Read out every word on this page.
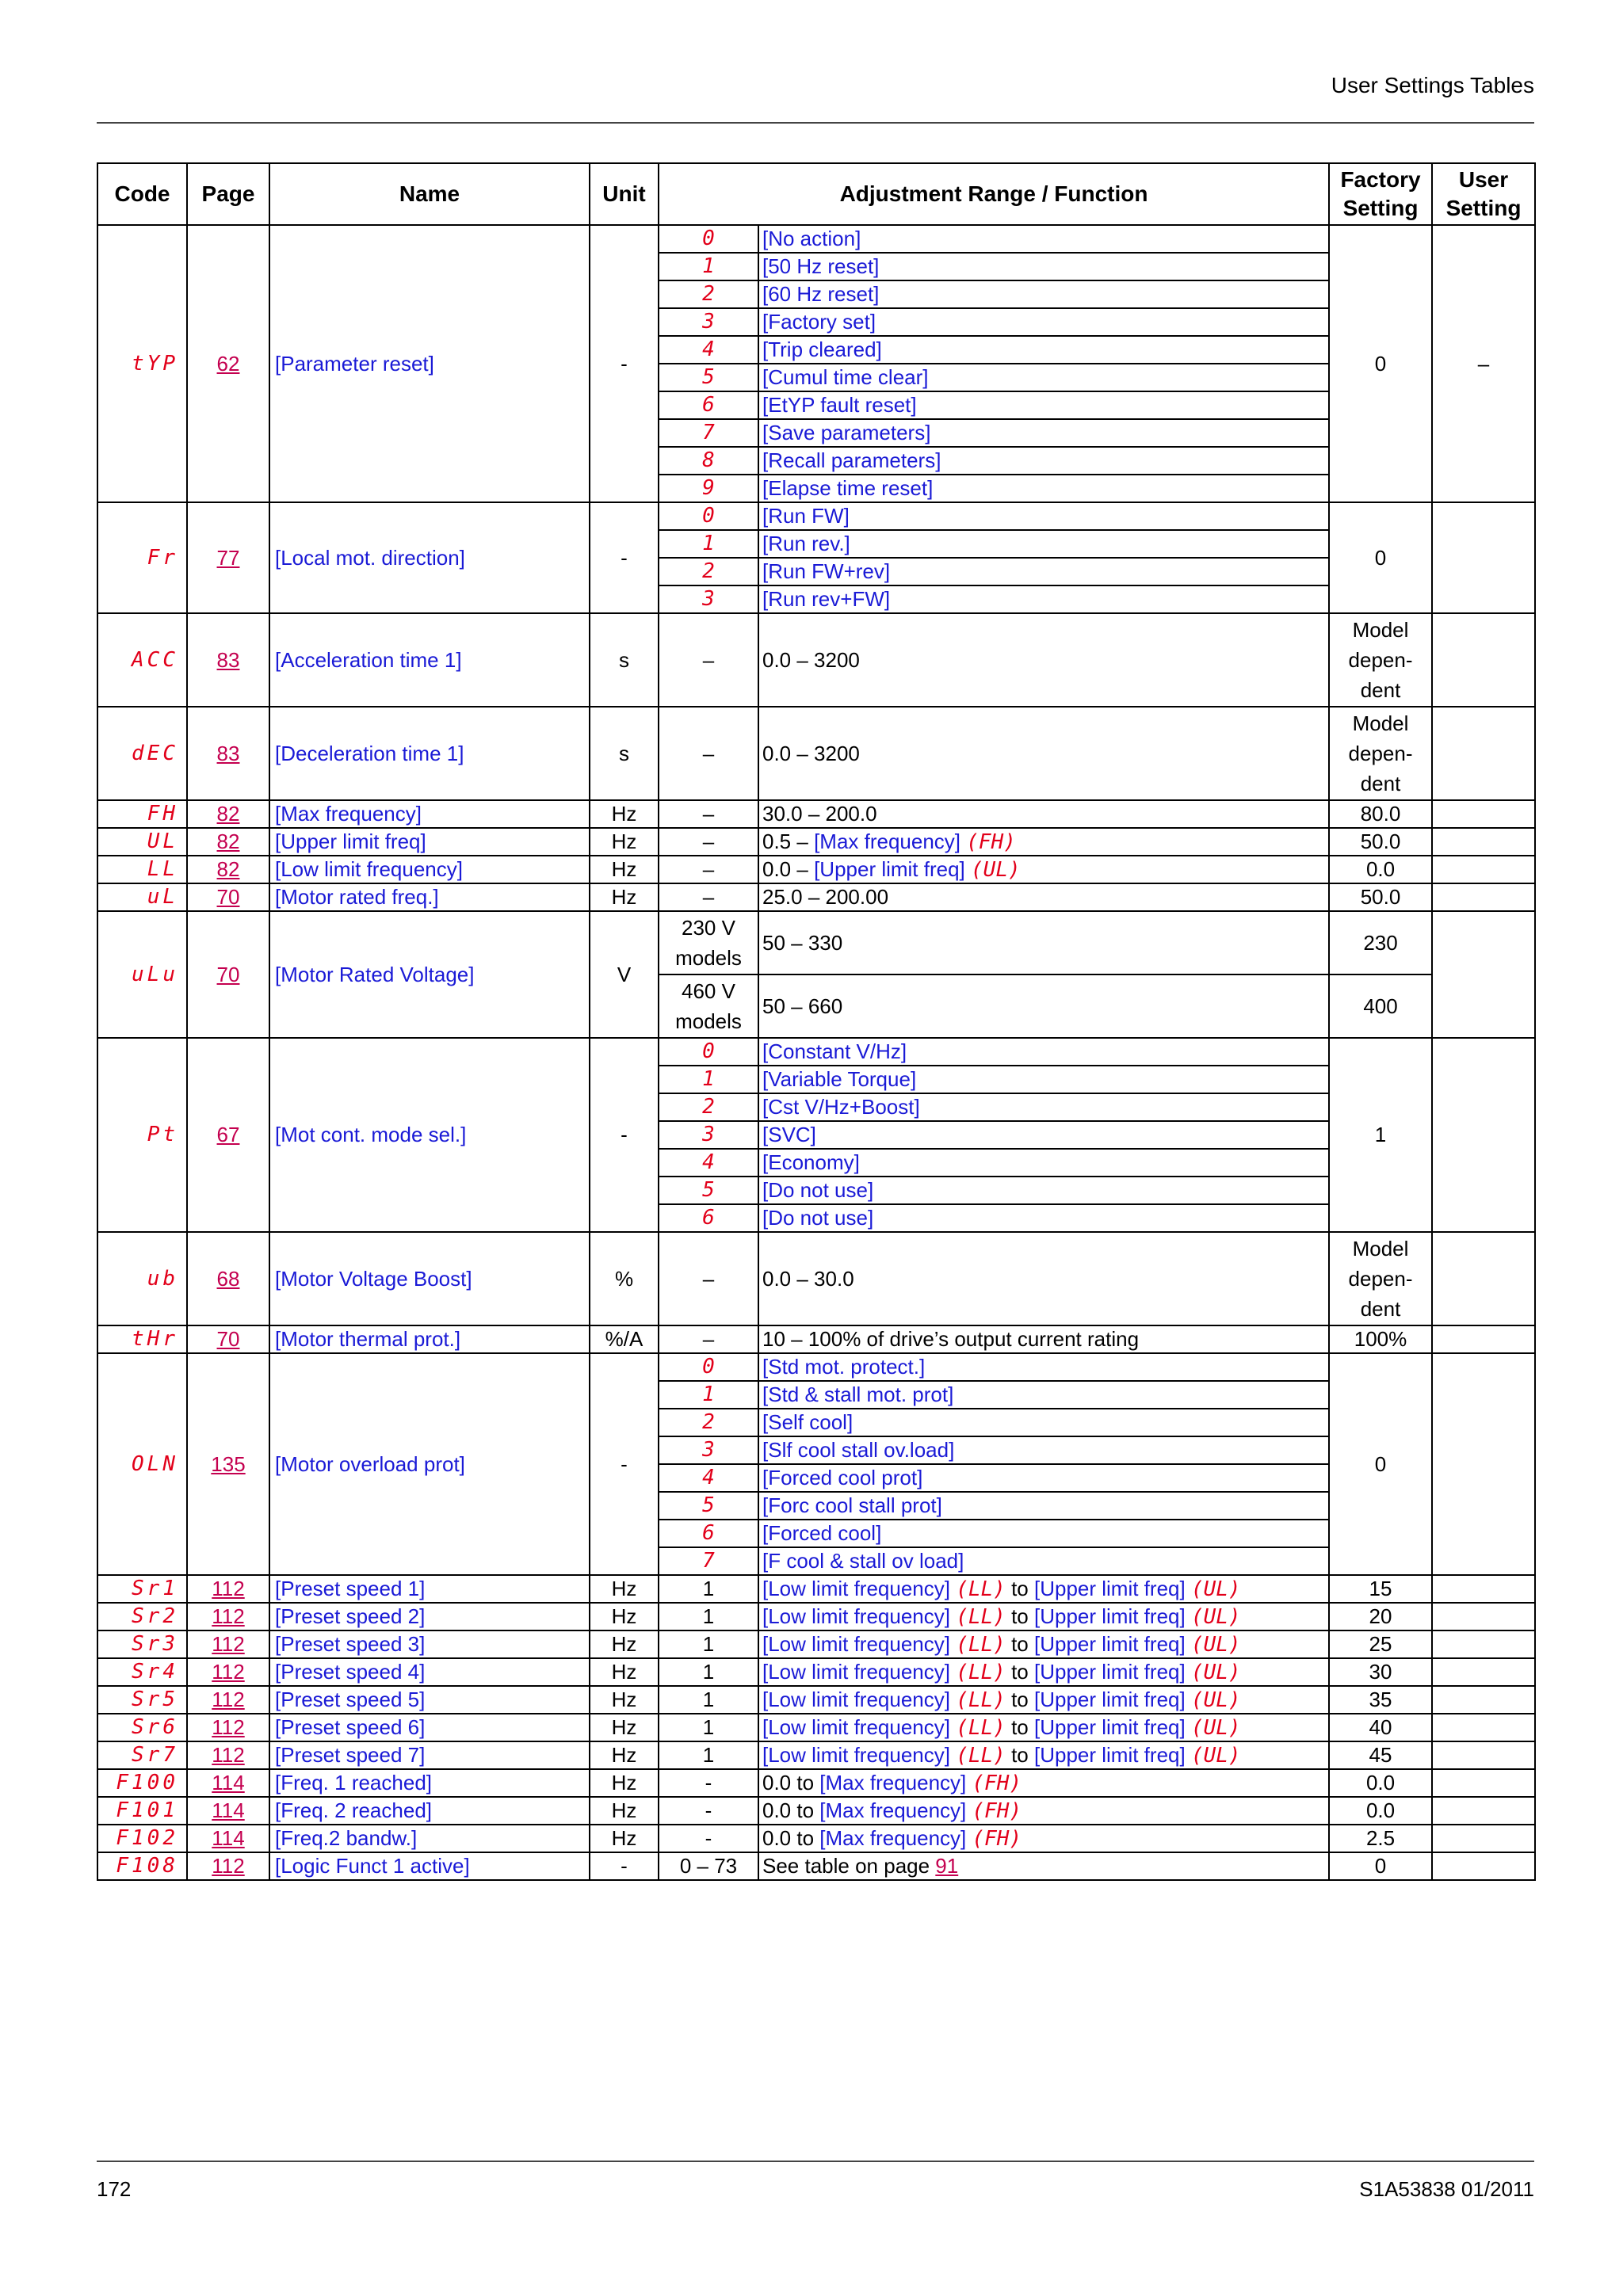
User Settings Tables
Code	Page	Name	Unit	Adjustment Range / Function		Factory Setting	User Setting
tYP	62	[Parameter reset]	-	0	[No action]	0	–
				1	[50 Hz reset]		
				2	[60 Hz reset]		
				3	[Factory set]		
				4	[Trip cleared]		
				5	[Cumul time clear]		
				6	[EtYP fault reset]		
				7	[Save parameters]		
				8	[Recall parameters]		
				9	[Elapse time reset]		
Fr	77	[Local mot. direction]	-	0	[Run FW]	0	
				1	[Run rev.]		
				2	[Run FW+rev]		
				3	[Run rev+FW]		
ACC	83	[Acceleration time 1]	s	–	0.0 – 3200	Model depen- dent	
dEC	83	[Deceleration time 1]	s	–	0.0 – 3200	Model depen- dent	
FH	82	[Max frequency]	Hz	–	30.0 – 200.0	80.0	
UL	82	[Upper limit freq]	Hz	–	0.5 – [Max frequency] (FH)	50.0	
LL	82	[Low limit frequency]	Hz	–	0.0 – [Upper limit freq] (UL)	0.0	
uL	70	[Motor rated freq.]	Hz	–	25.0 – 200.00	50.0	
uLu	70	[Motor Rated Voltage]	V	230 V models	50 – 330	230	
				460 V models	50 – 660	400	
Pt	67	[Mot cont. mode sel.]	-	0	[Constant V/Hz]	1	
				1	[Variable Torque]		
				2	[Cst V/Hz+Boost]		
				3	[SVC]		
				4	[Economy]		
				5	[Do not use]		
				6	[Do not use]		
ub	68	[Motor Voltage Boost]	%	–	0.0 – 30.0	Model depen- dent	
tHr	70	[Motor thermal prot.]	%/A	–	10 – 100% of drive’s output current rating	100%	
OLN	135	[Motor overload prot]	-	0	[Std mot. protect.]	0	
				1	[Std & stall mot. prot]		
				2	[Self cool]		
				3	[Slf cool stall ov.load]		
				4	[Forced cool prot]		
				5	[Forc cool stall prot]		
				6	[Forced cool]		
				7	[F cool & stall ov load]		
Sr1	112	[Preset speed 1]	Hz	1	[Low limit frequency] (LL) to [Upper limit freq] (UL)	15	
Sr2	112	[Preset speed 2]	Hz	1	[Low limit frequency] (LL) to [Upper limit freq] (UL)	20	
Sr3	112	[Preset speed 3]	Hz	1	[Low limit frequency] (LL) to [Upper limit freq] (UL)	25	
Sr4	112	[Preset speed 4]	Hz	1	[Low limit frequency] (LL) to [Upper limit freq] (UL)	30	
Sr5	112	[Preset speed 5]	Hz	1	[Low limit frequency] (LL) to [Upper limit freq] (UL)	35	
Sr6	112	[Preset speed 6]	Hz	1	[Low limit frequency] (LL) to [Upper limit freq] (UL)	40	
Sr7	112	[Preset speed 7]	Hz	1	[Low limit frequency] (LL) to [Upper limit freq] (UL)	45	
F100	114	[Freq. 1 reached]	Hz	-	0.0 to [Max frequency] (FH)	0.0	
F101	114	[Freq. 2 reached]	Hz	-	0.0 to [Max frequency] (FH)	0.0	
F102	114	[Freq.2 bandw.]	Hz	-	0.0 to [Max frequency] (FH)	2.5	
F108	112	[Logic Funct 1 active]	-	0 – 73	See table on page 91	0	
172	S1A53838 01/2011
